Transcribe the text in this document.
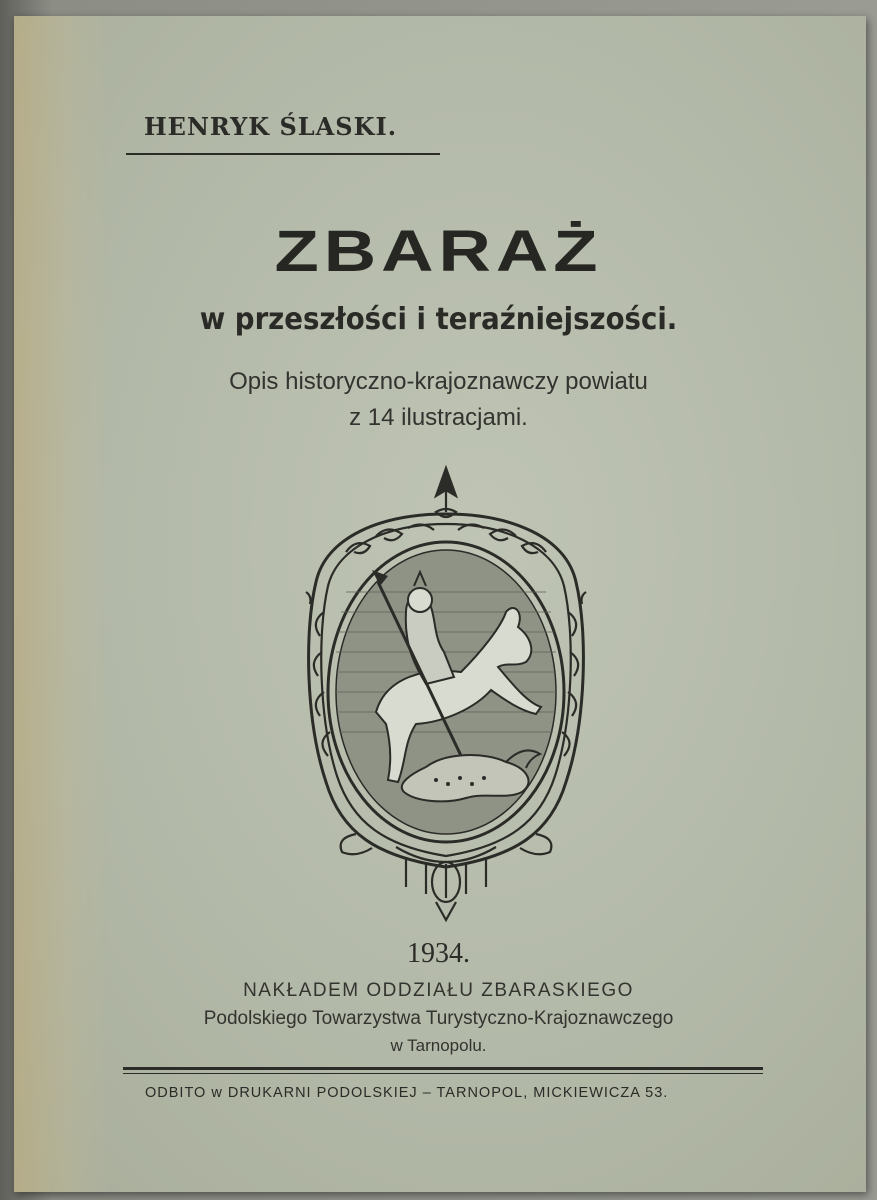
HENRYK ŚLASKI.
ZBARAŻ
w przeszłości i teraźniejszości.
Opis historyczno-krajoznawczy powiatu
z 14 ilustracjami.
1934.
NAKŁADEM ODDZIAŁU ZBARASKIEGO
Podolskiego Towarzystwa Turystyczno-Krajoznawczego
w Tarnopolu.
ODBITO w DRUKARNI PODOLSKIEJ – TARNOPOL, MICKIEWICZA 53.
